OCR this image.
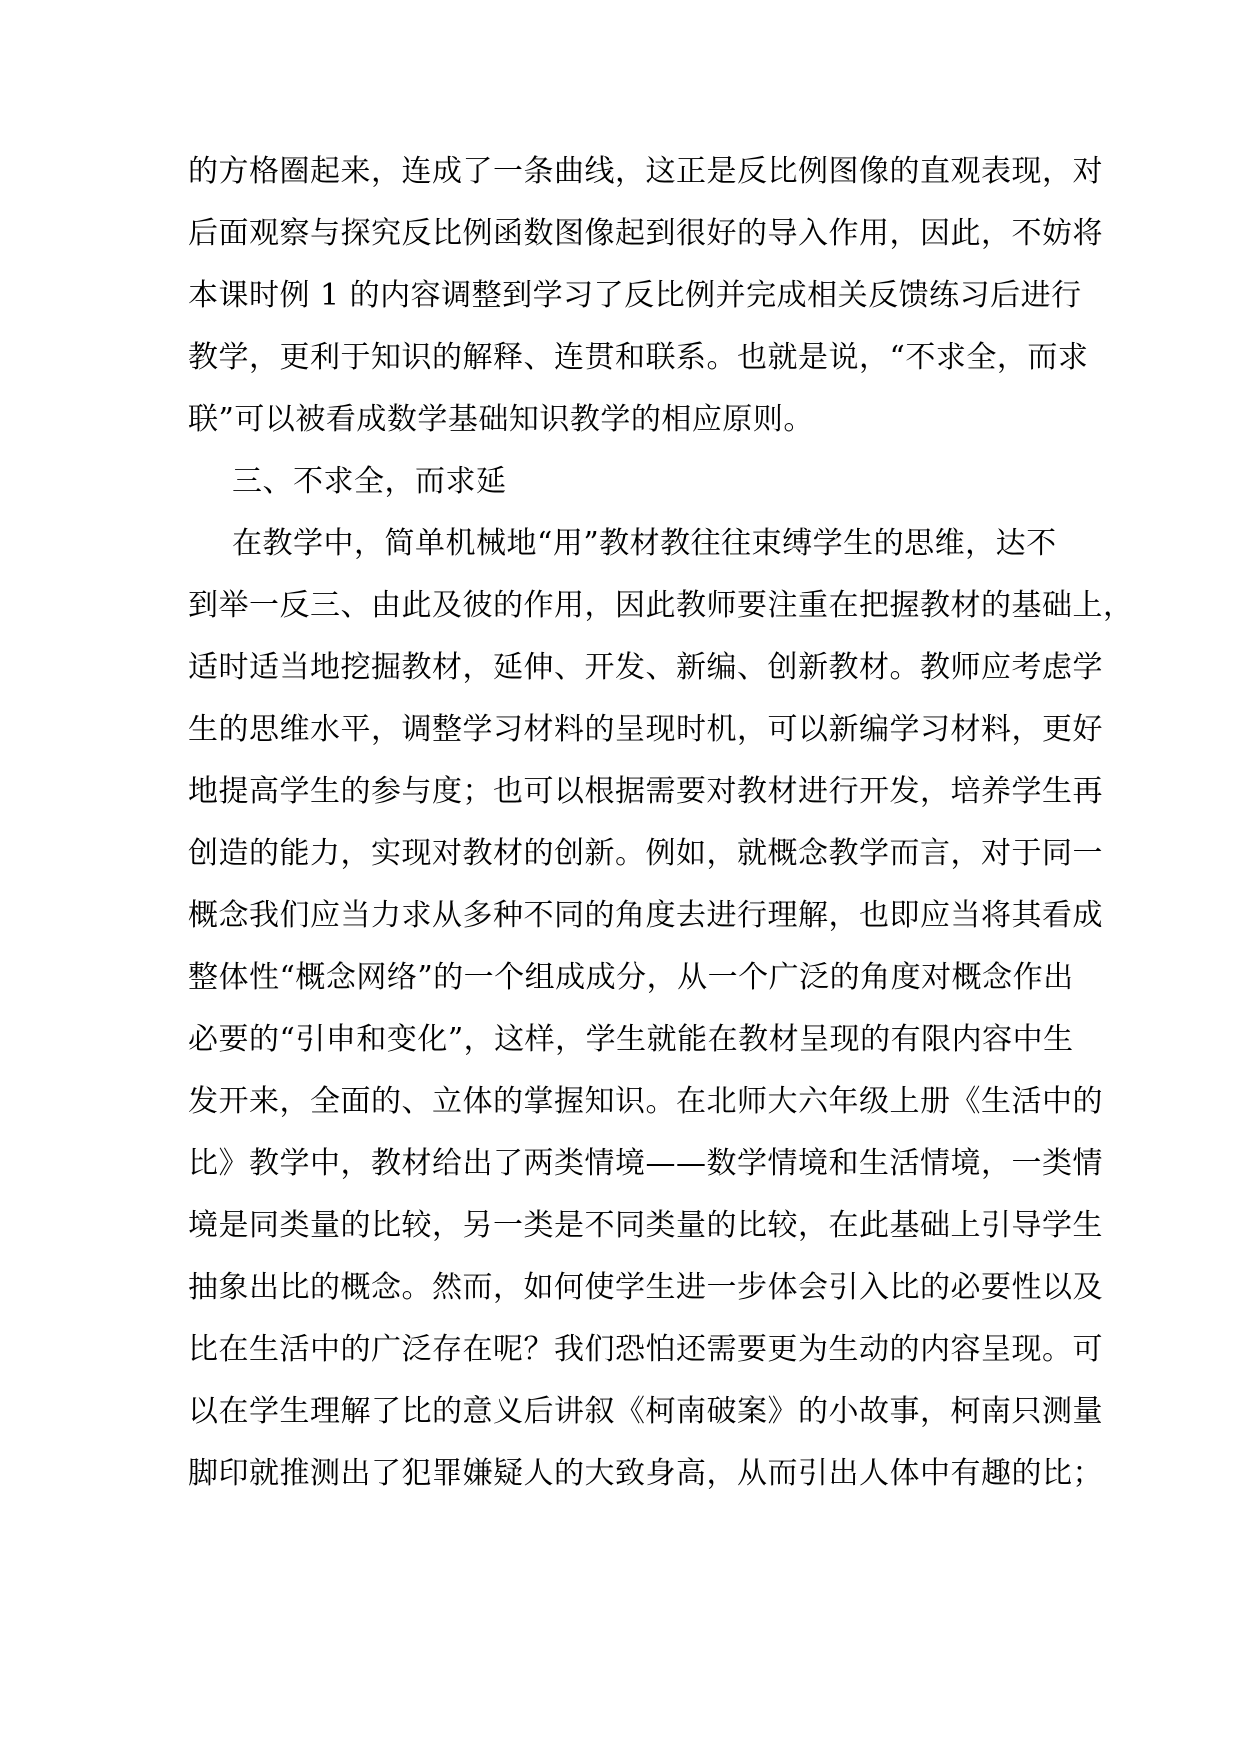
的方格圈起来，连成了一条曲线，这正是反比例图像的直观表现，对
后面观察与探究反比例函数图像起到很好的导入作用，因此，不妨将
本课时例 1 的内容调整到学习了反比例并完成相关反馈练习后进行
教学，更利于知识的解释、连贯和联系。也就是说，“不求全，而求
联”可以被看成数学基础知识教学的相应原则。
三、不求全，而求延
在教学中，简单机械地“用”教材教往往束缚学生的思维，达不
到举一反三、由此及彼的作用，因此教师要注重在把握教材的基础上，
适时适当地挖掘教材，延伸、开发、新编、创新教材。教师应考虑学
生的思维水平，调整学习材料的呈现时机，可以新编学习材料，更好
地提高学生的参与度；也可以根据需要对教材进行开发，培养学生再
创造的能力，实现对教材的创新。例如，就概念教学而言，对于同一
概念我们应当力求从多种不同的角度去进行理解，也即应当将其看成
整体性“概念网络”的一个组成成分，从一个广泛的角度对概念作出
必要的“引申和变化”，这样，学生就能在教材呈现的有限内容中生
发开来，全面的、立体的掌握知识。在北师大六年级上册《生活中的
比》教学中，教材给出了两类情境——数学情境和生活情境，一类情
境是同类量的比较，另一类是不同类量的比较，在此基础上引导学生
抽象出比的概念。然而，如何使学生进一步体会引入比的必要性以及
比在生活中的广泛存在呢？我们恐怕还需要更为生动的内容呈现。可
以在学生理解了比的意义后讲叙《柯南破案》的小故事，柯南只测量
脚印就推测出了犯罪嫌疑人的大致身高，从而引出人体中有趣的比；
